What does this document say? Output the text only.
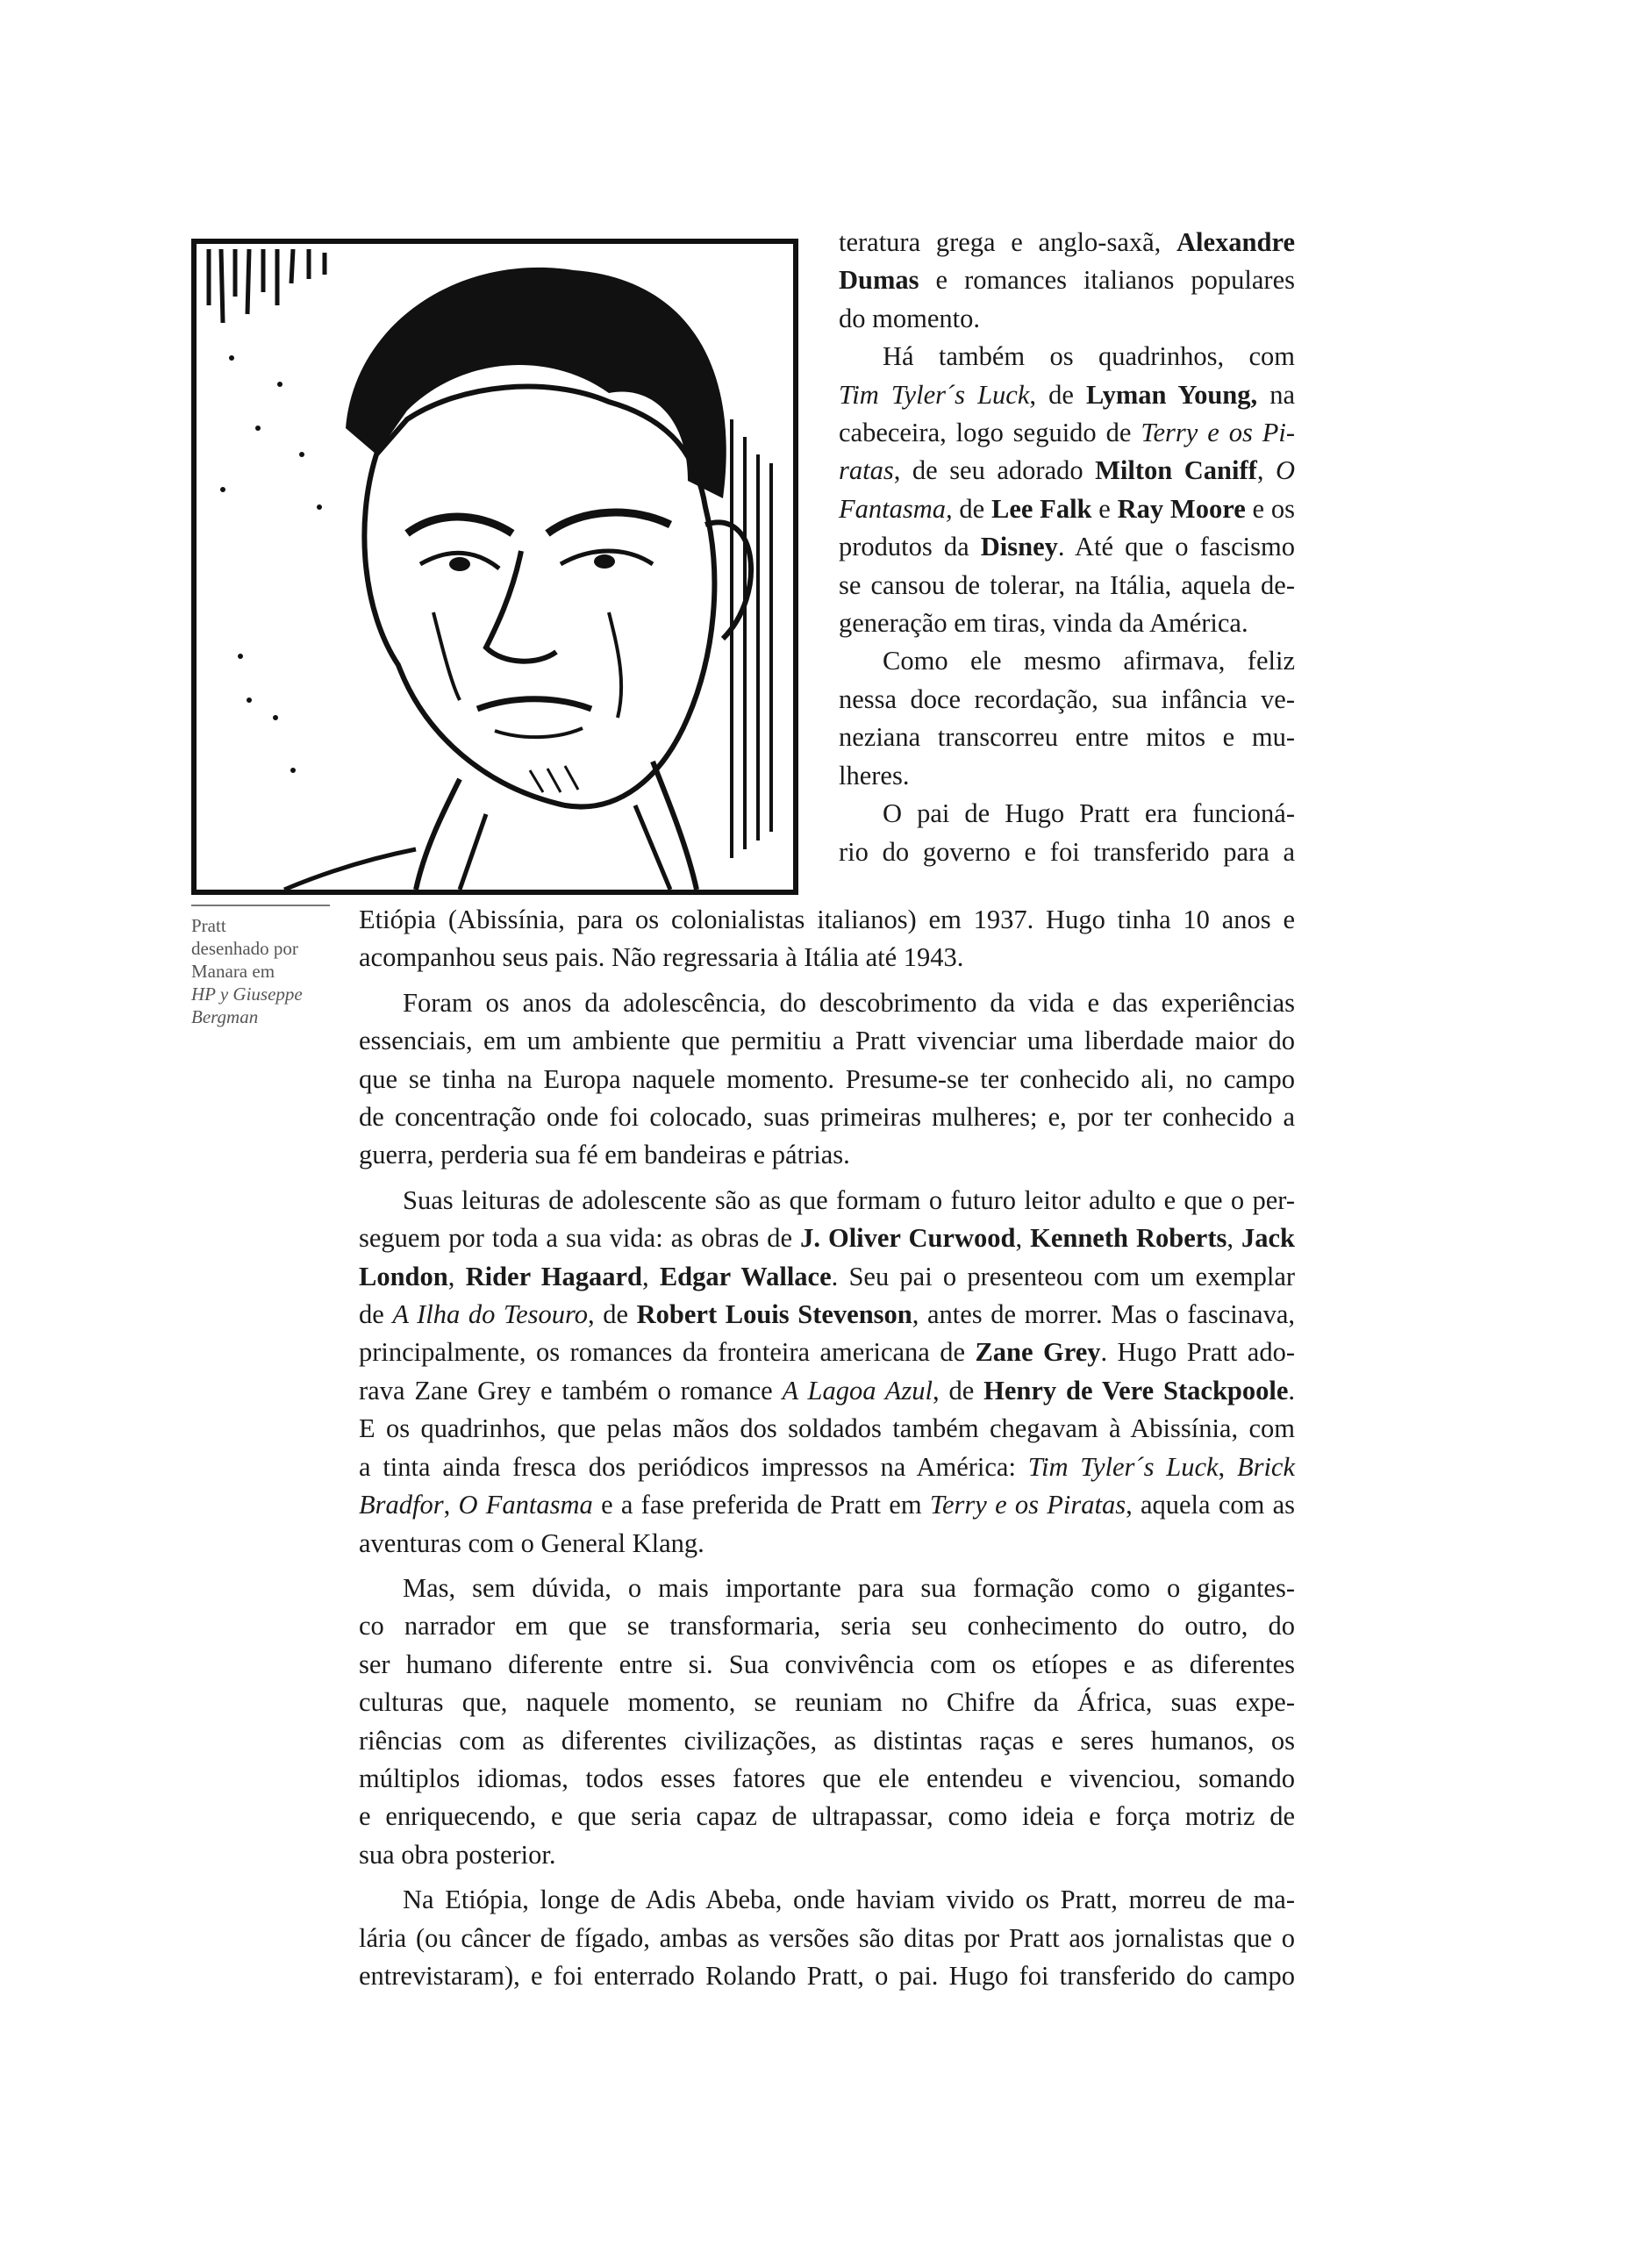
Pratt
desenhado por
Manara em
HP y Giuseppe
Bergman

teratura grega e anglo-saxã, Alexandre
Dumas e romances italianos populares
do momento.

Há também os quadrinhos, com
Tim Tyler´s Luck, de Lyman Young, na
cabeceira, logo seguido de Terry e os Pi-
ratas, de seu adorado Milton Caniff, O
Fantasma, de Lee Falk e Ray Moore e os
produtos da Disney. Até que o fascismo
se cansou de tolerar, na Itália, aquela de-
generação em tiras, vinda da América.

Como ele mesmo afirmava, feliz
nessa doce recordação, sua infância ve-
neziana transcorreu entre mitos e mu-
lheres.

O pai de Hugo Pratt era funcioná-
rio do governo e foi transferido para a

Etiópia (Abissínia, para os colonialistas italianos) em 1937. Hugo tinha 10 anos e
acompanhou seus pais. Não regressaria à Itália até 1943.

Foram os anos da adolescência, do descobrimento da vida e das experiências
essenciais, em um ambiente que permitiu a Pratt vivenciar uma liberdade maior do
que se tinha na Europa naquele momento. Presume-se ter conhecido ali, no campo
de concentração onde foi colocado, suas primeiras mulheres; e, por ter conhecido a
guerra, perderia sua fé em bandeiras e pátrias.

Suas leituras de adolescente são as que formam o futuro leitor adulto e que o per-
seguem por toda a sua vida: as obras de J. Oliver Curwood, Kenneth Roberts, Jack
London, Rider Hagaard, Edgar Wallace. Seu pai o presenteou com um exemplar
de A Ilha do Tesouro, de Robert Louis Stevenson, antes de morrer. Mas o fascinava,
principalmente, os romances da fronteira americana de Zane Grey. Hugo Pratt ado-
rava Zane Grey e também o romance A Lagoa Azul, de Henry de Vere Stackpoole.
E os quadrinhos, que pelas mãos dos soldados também chegavam à Abissínia, com
a tinta ainda fresca dos periódicos impressos na América: Tim Tyler´s Luck, Brick
Bradfor, O Fantasma e a fase preferida de Pratt em Terry e os Piratas, aquela com as
aventuras com o General Klang.

Mas, sem dúvida, o mais importante para sua formação como o gigantes-
co narrador em que se transformaria, seria seu conhecimento do outro, do
ser humano diferente entre si. Sua convivência com os etíopes e as diferentes
culturas que, naquele momento, se reuniam no Chifre da África, suas expe-
riências com as diferentes civilizações, as distintas raças e seres humanos, os
múltiplos idiomas, todos esses fatores que ele entendeu e vivenciou, somando
e enriquecendo, e que seria capaz de ultrapassar, como ideia e força motriz de
sua obra posterior.

Na Etiópia, longe de Adis Abeba, onde haviam vivido os Pratt, morreu de ma-
lária (ou câncer de fígado, ambas as versões são ditas por Pratt aos jornalistas que o
entrevistaram), e foi enterrado Rolando Pratt, o pai. Hugo foi transferido do campo
